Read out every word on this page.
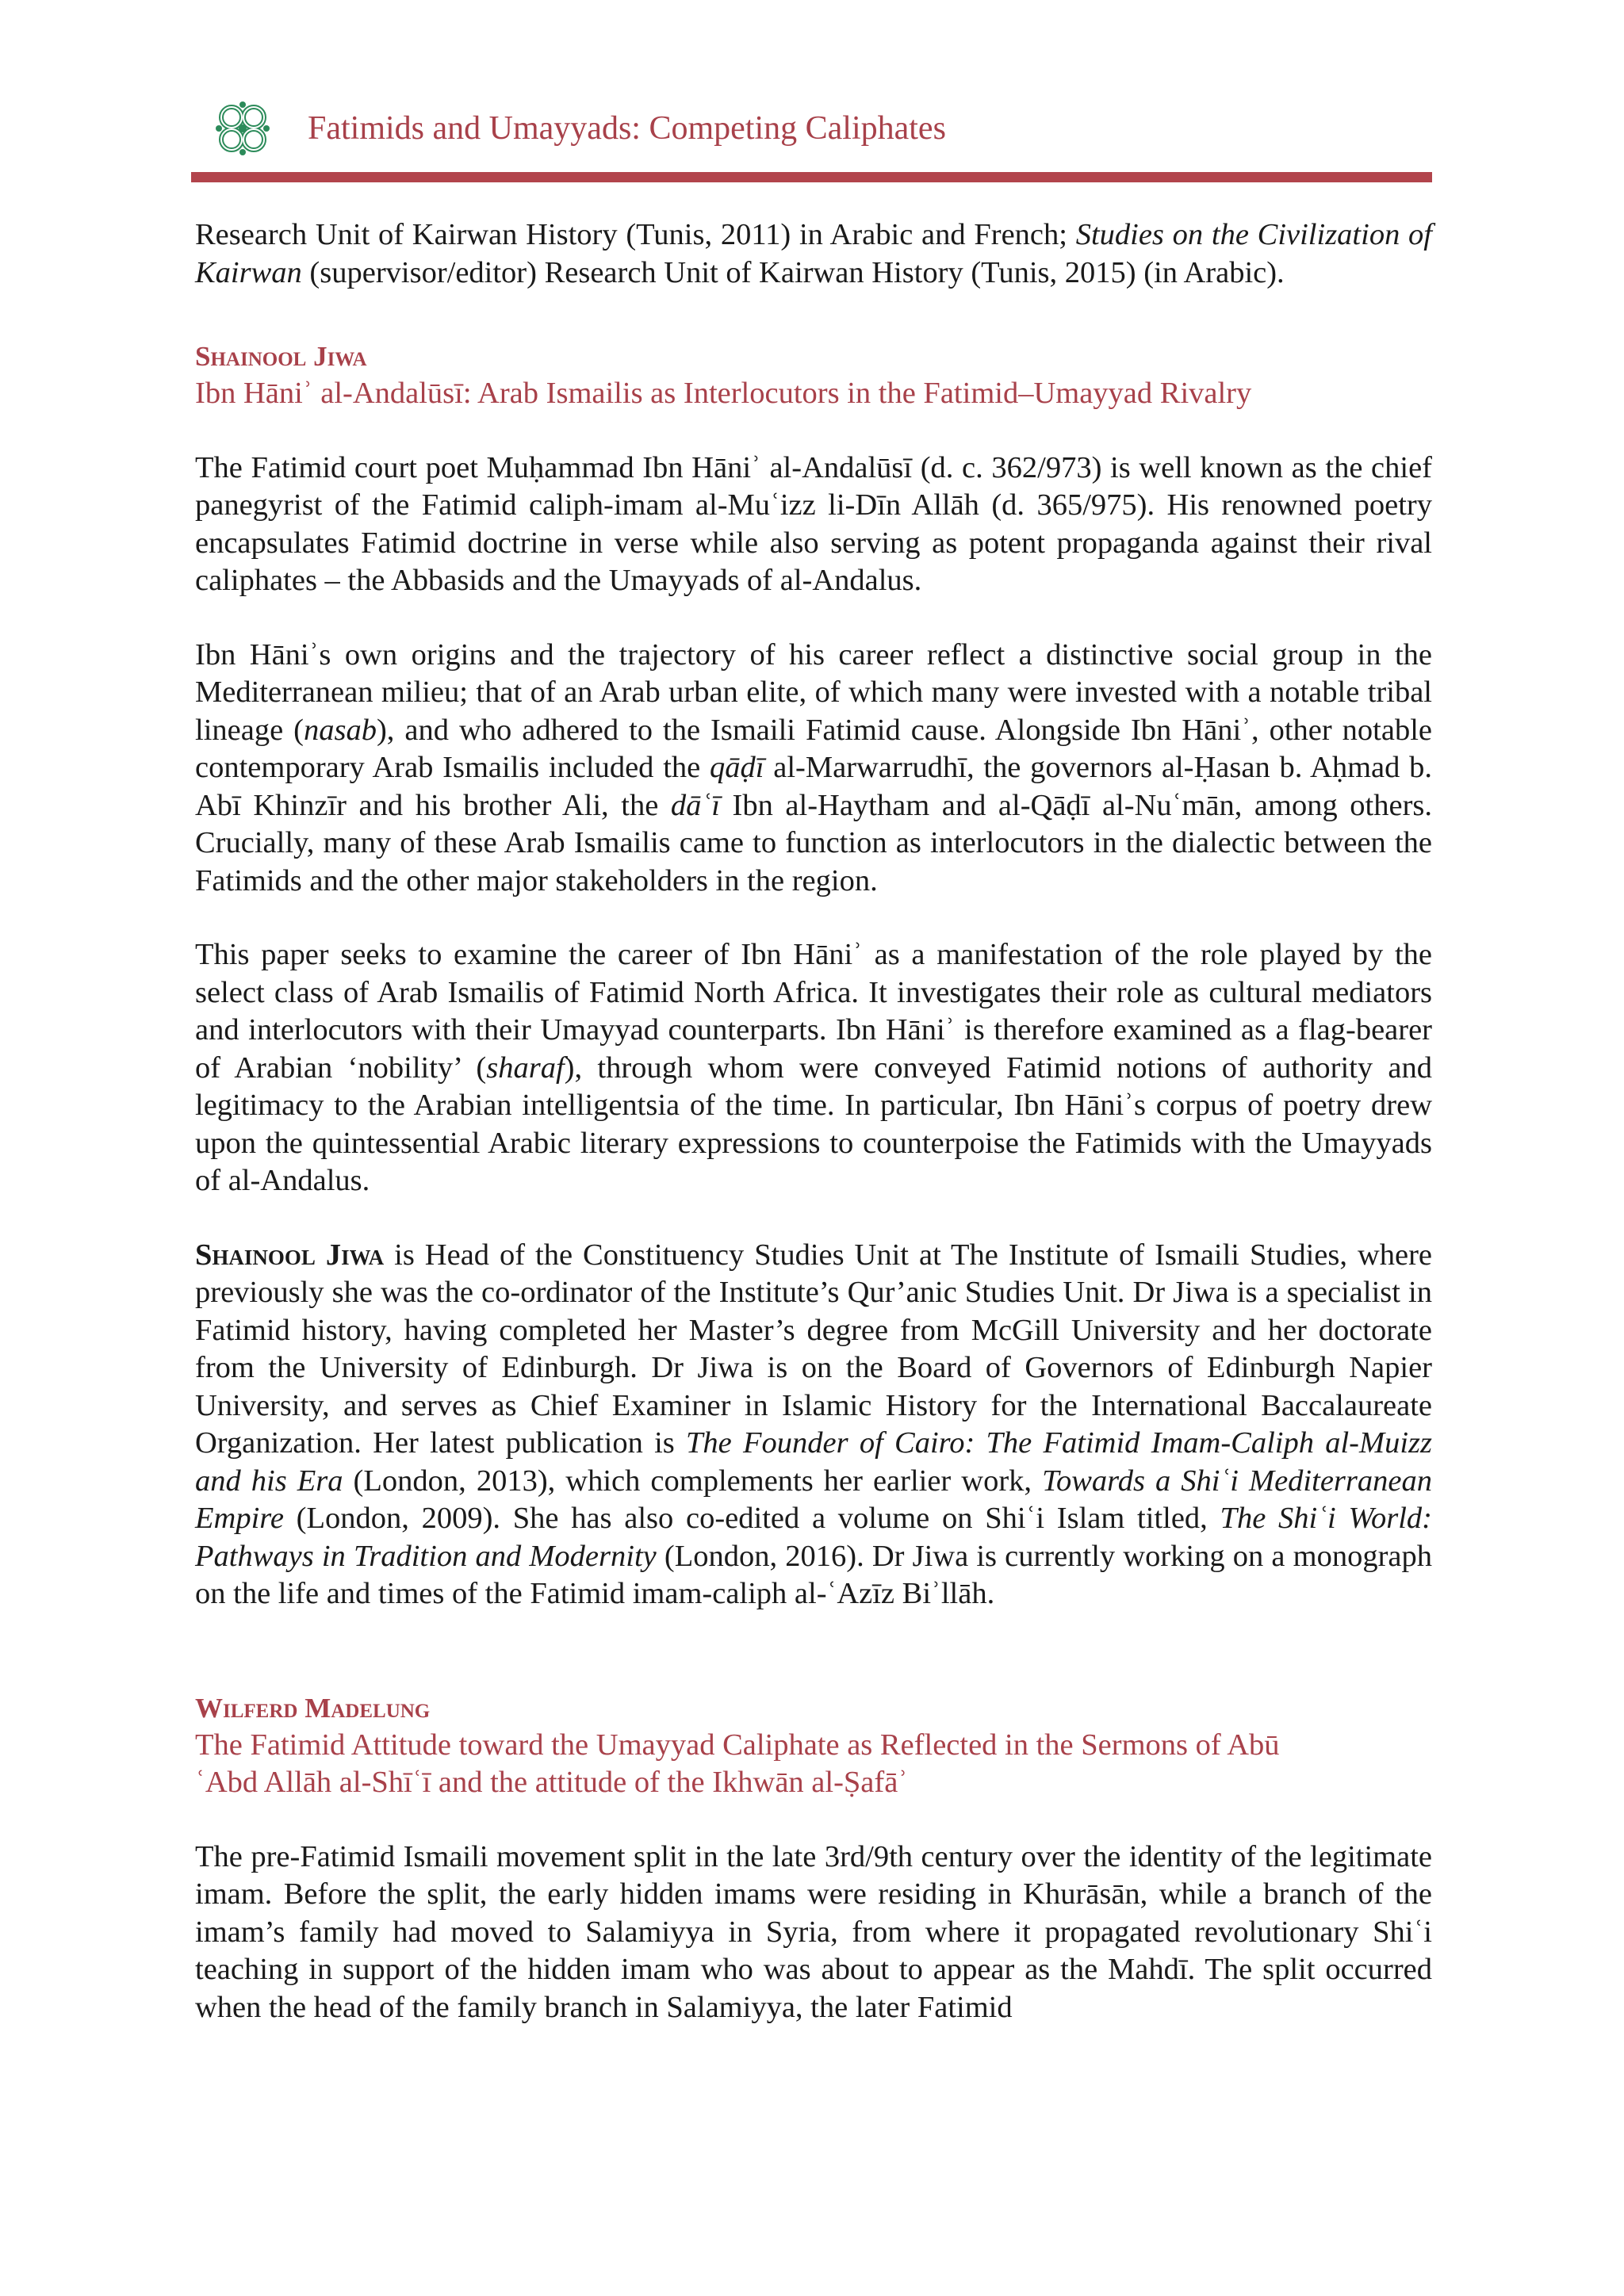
Fatimids and Umayyads: Competing Caliphates

Research Unit of Kairwan History (Tunis, 2011) in Arabic and French; Studies on the Civilization of Kairwan (supervisor/editor) Research Unit of Kairwan History (Tunis, 2015) (in Arabic).

Shainool Jiwa
Ibn Hāniʾ al-Andalūsī: Arab Ismailis as Interlocutors in the Fatimid–Umayyad Rivalry

The Fatimid court poet Muḥammad Ibn Hāniʾ al-Andalūsī (d. c. 362/973) is well known as the chief panegyrist of the Fatimid caliph-imam al-Muʿizz li-Dīn Allāh (d. 365/975). His renowned poetry encapsulates Fatimid doctrine in verse while also serving as potent propaganda against their rival caliphates – the Abbasids and the Umayyads of al-Andalus.

Ibn Hāniʾs own origins and the trajectory of his career reflect a distinctive social group in the Mediterranean milieu; that of an Arab urban elite, of which many were invested with a notable tribal lineage (nasab), and who adhered to the Ismaili Fatimid cause. Alongside Ibn Hāniʾ, other notable contemporary Arab Ismailis included the qāḍī al-Marwarrudhī, the governors al-Ḥasan b. Aḥmad b. Abī Khinzīr and his brother Ali, the dāʿī Ibn al-Haytham and al-Qāḍī al-Nuʿmān, among others. Crucially, many of these Arab Ismailis came to function as interlocutors in the dialectic between the Fatimids and the other major stakeholders in the region.

This paper seeks to examine the career of Ibn Hāniʾ as a manifestation of the role played by the select class of Arab Ismailis of Fatimid North Africa. It investigates their role as cultural mediators and interlocutors with their Umayyad counterparts. Ibn Hāniʾ is therefore examined as a flag-bearer of Arabian ‘nobility’ (sharaf), through whom were conveyed Fatimid notions of authority and legitimacy to the Arabian intelligentsia of the time. In particular, Ibn Hāniʾs corpus of poetry drew upon the quintessential Arabic literary expressions to counterpoise the Fatimids with the Umayyads of al-Andalus.

Shainool Jiwa is Head of the Constituency Studies Unit at The Institute of Ismaili Studies, where previously she was the co-ordinator of the Institute’s Qur’anic Studies Unit. Dr Jiwa is a specialist in Fatimid history, having completed her Master’s degree from McGill University and her doctorate from the University of Edinburgh. Dr Jiwa is on the Board of Governors of Edinburgh Napier University, and serves as Chief Examiner in Islamic History for the International Baccalaureate Organization. Her latest publication is The Founder of Cairo: The Fatimid Imam-Caliph al-Muizz and his Era (London, 2013), which complements her earlier work, Towards a Shiʿi Mediterranean Empire (London, 2009). She has also co-edited a volume on Shiʿi Islam titled, The Shiʿi World: Pathways in Tradition and Modernity (London, 2016). Dr Jiwa is currently working on a monograph on the life and times of the Fatimid imam-caliph al-ʿAzīz Biʾllāh.

Wilferd Madelung
The Fatimid Attitude toward the Umayyad Caliphate as Reflected in the Sermons of Abū
ʿAbd Allāh al-Shīʿī and the attitude of the Ikhwān al-Ṣafāʾ

The pre-Fatimid Ismaili movement split in the late 3rd/9th century over the identity of the legitimate imam. Before the split, the early hidden imams were residing in Khurāsān, while a branch of the imam’s family had moved to Salamiyya in Syria, from where it propagated revolutionary Shiʿi teaching in support of the hidden imam who was about to appear as the Mahdī. The split occurred when the head of the family branch in Salamiyya, the later Fatimid
